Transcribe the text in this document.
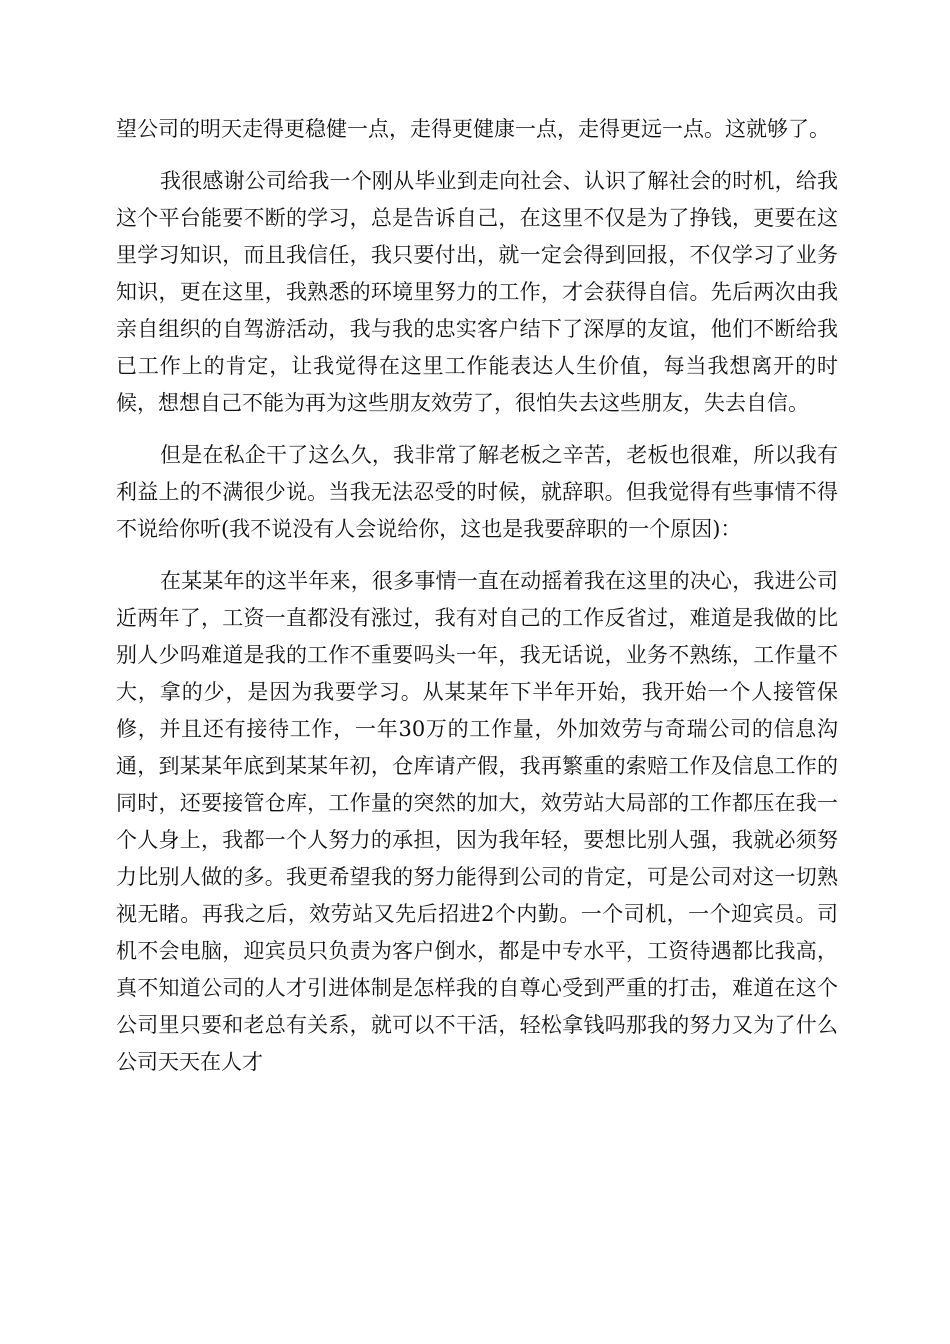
望公司的明天走得更稳健一点，走得更健康一点，走得更远一点。这就够了。

我很感谢公司给我一个刚从毕业到走向社会、认识了解社会的时机，给我这个平台能要不断的学习，总是告诉自己，在这里不仅是为了挣钱，更要在这里学习知识，而且我信任，我只要付出，就一定会得到回报，不仅学习了业务知识，更在这里，我熟悉的环境里努力的工作，才会获得自信。先后两次由我亲自组织的自驾游活动，我与我的忠实客户结下了深厚的友谊，他们不断给我已工作上的肯定，让我觉得在这里工作能表达人生价值，每当我想离开的时候，想想自己不能为再为这些朋友效劳了，很怕失去这些朋友，失去自信。

但是在私企干了这么久，我非常了解老板之辛苦，老板也很难，所以我有利益上的不满很少说。当我无法忍受的时候，就辞职。但我觉得有些事情不得不说给你听(我不说没有人会说给你，这也是我要辞职的一个原因)：

在某某年的这半年来，很多事情一直在动摇着我在这里的决心，我进公司近两年了，工资一直都没有涨过，我有对自己的工作反省过，难道是我做的比别人少吗难道是我的工作不重要吗头一年，我无话说，业务不熟练，工作量不大，拿的少，是因为我要学习。从某某年下半年开始，我开始一个人接管保修，并且还有接待工作，一年30万的工作量，外加效劳与奇瑞公司的信息沟通，到某某年底到某某年初，仓库请产假，我再繁重的索赔工作及信息工作的同时，还要接管仓库，工作量的突然的加大，效劳站大局部的工作都压在我一个人身上，我都一个人努力的承担，因为我年轻，要想比别人强，我就必须努力比别人做的多。我更希望我的努力能得到公司的肯定，可是公司对这一切熟视无睹。再我之后，效劳站又先后招进2个内勤。一个司机，一个迎宾员。司机不会电脑，迎宾员只负责为客户倒水，都是中专水平，工资待遇都比我高，真不知道公司的人才引进体制是怎样我的自尊心受到严重的打击，难道在这个公司里只要和老总有关系，就可以不干活，轻松拿钱吗那我的努力又为了什么公司天天在人才
